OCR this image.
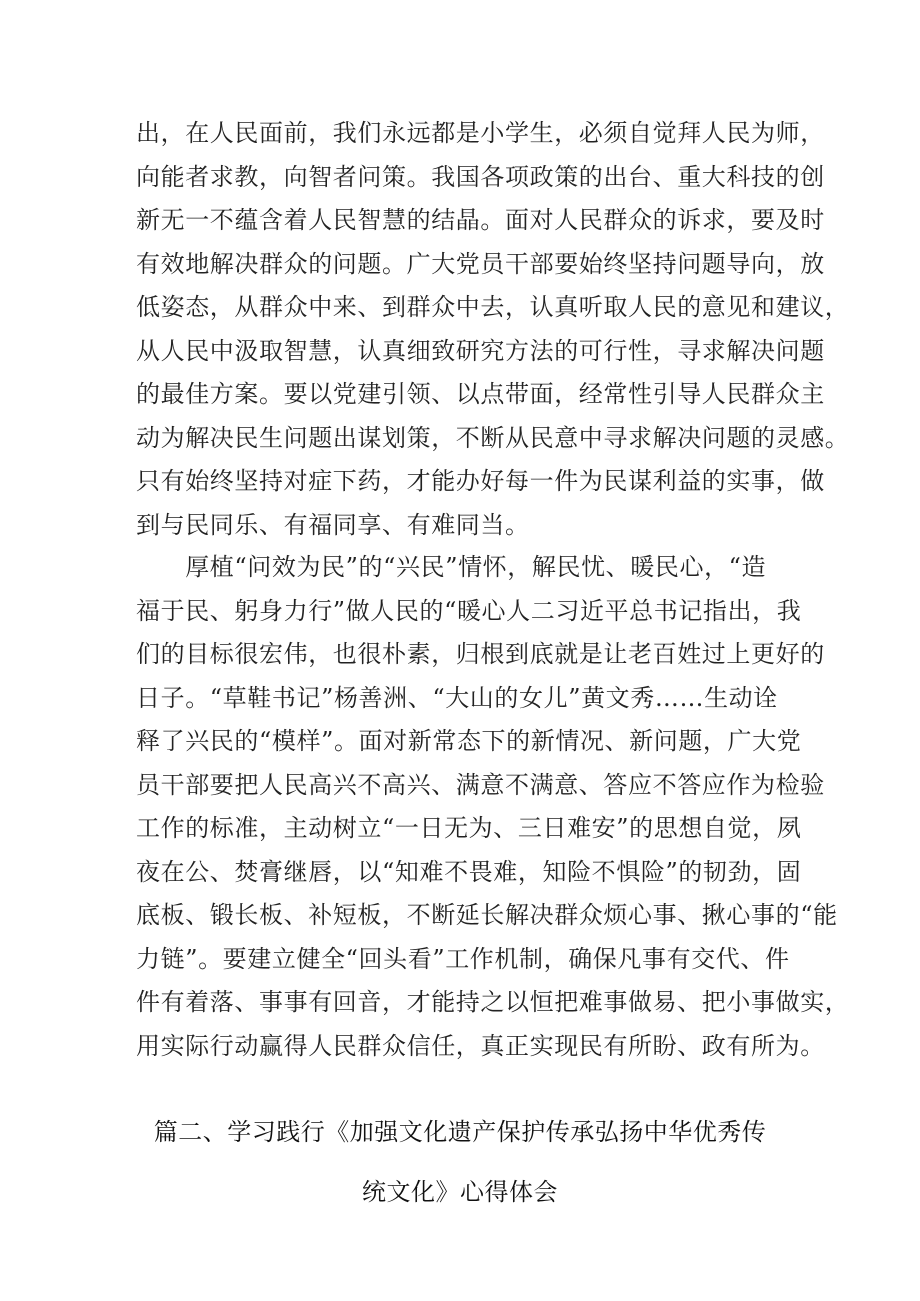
出，在人民面前，我们永远都是小学生，必须自觉拜人民为师，
向能者求教，向智者问策。我国各项政策的出台、重大科技的创
新无一不蕴含着人民智慧的结晶。面对人民群众的诉求，要及时
有效地解决群众的问题。广大党员干部要始终坚持问题导向，放
低姿态，从群众中来、到群众中去，认真听取人民的意见和建议，
从人民中汲取智慧，认真细致研究方法的可行性，寻求解决问题
的最佳方案。要以党建引领、以点带面，经常性引导人民群众主
动为解决民生问题出谋划策，不断从民意中寻求解决问题的灵感。
只有始终坚持对症下药，才能办好每一件为民谋利益的实事，做
到与民同乐、有福同享、有难同当。
　　厚植“问效为民”的“兴民”情怀，解民忧、暖民心，“造
福于民、躬身力行”做人民的“暖心人二习近平总书记指出，我
们的目标很宏伟，也很朴素，归根到底就是让老百姓过上更好的
日子。“草鞋书记”杨善洲、“大山的女儿”黄文秀……生动诠
释了兴民的“模样”。面对新常态下的新情况、新问题，广大党
员干部要把人民高兴不高兴、满意不满意、答应不答应作为检验
工作的标准，主动树立“一日无为、三日难安”的思想自觉，夙
夜在公、焚膏继唇，以“知难不畏难，知险不惧险”的韧劲，固
底板、锻长板、补短板，不断延长解决群众烦心事、揪心事的“能
力链”。要建立健全“回头看”工作机制，确保凡事有交代、件
件有着落、事事有回音，才能持之以恒把难事做易、把小事做实，
用实际行动赢得人民群众信任，真正实现民有所盼、政有所为。
篇二、学习践行《加强文化遗产保护传承弘扬中华优秀传
统文化》心得体会
